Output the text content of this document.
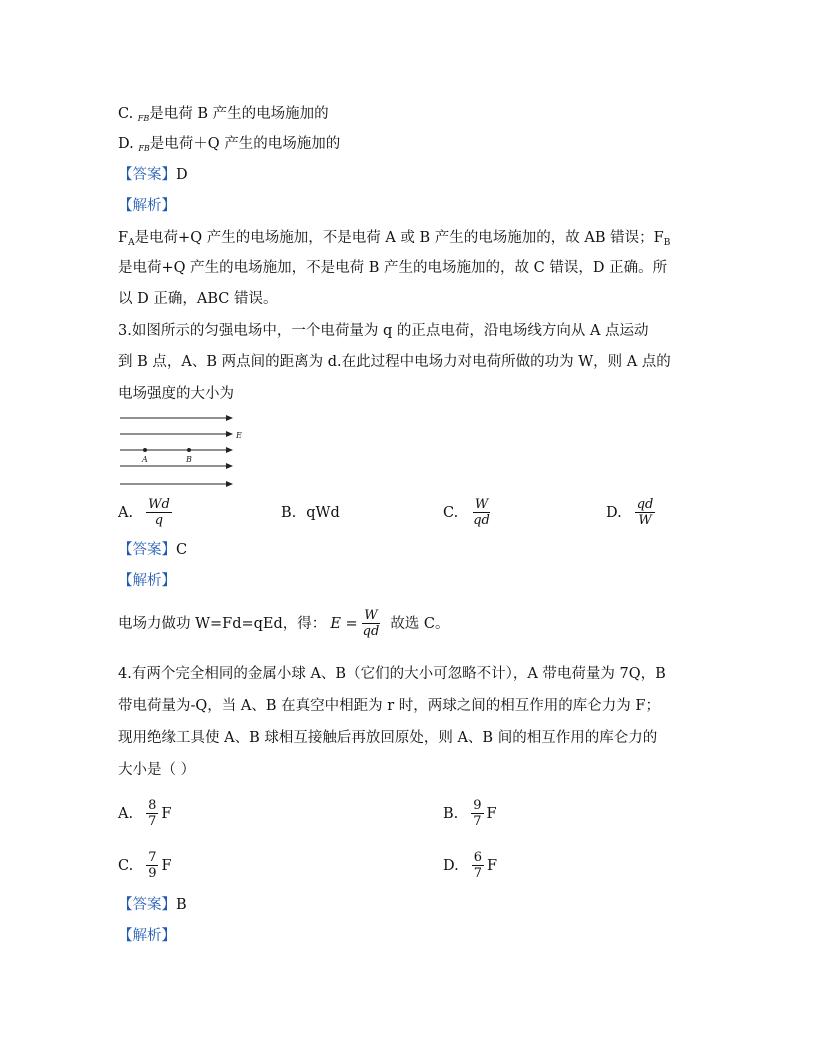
C. $_{FB}$是电荷 B 产生的电场施加的
D. $_{FB}$是电荷＋Q 产生的电场施加的
【答案】D
【解析】
$F_A$是电荷+Q 产生的电场施加，不是电荷 A 或 B 产生的电场施加的，故 AB 错误；$F_B$
是电荷+Q 产生的电场施加，不是电荷 B 产生的电场施加的，故 C 错误，D 正确。所
以 D 正确，ABC 错误。
3.如图所示的匀强电场中，一个电荷量为 q 的正点电荷，沿电场线方向从 A 点运动
到 B 点，A、B 两点间的距离为 d.在此过程中电场力对电荷所做的功为 W，则 A 点的
电场强度的大小为
E
A	B
A. $\frac{Wd}{q}$	B. qWd	C. $\frac{W}{qd}$	D. $\frac{qd}{W}$
【答案】C
【解析】
电场力做功 W=Fd=qEd，得： $E = \frac{W}{qd}$ 故选 C。
4.有两个完全相同的金属小球 A、B（它们的大小可忽略不计），A 带电荷量为 7Q，B
带电荷量为-Q，当 A、B 在真空中相距为 r 时，两球之间的相互作用的库仑力为 F；
现用绝缘工具使 A、B 球相互接触后再放回原处，则 A、B 间的相互作用的库仑力的
大小是（ ）
A. $\frac{8}{7}$ F	B. $\frac{9}{7}$ F
C. $\frac{7}{9}$ F	D. $\frac{6}{7}$ F
【答案】B
【解析】
